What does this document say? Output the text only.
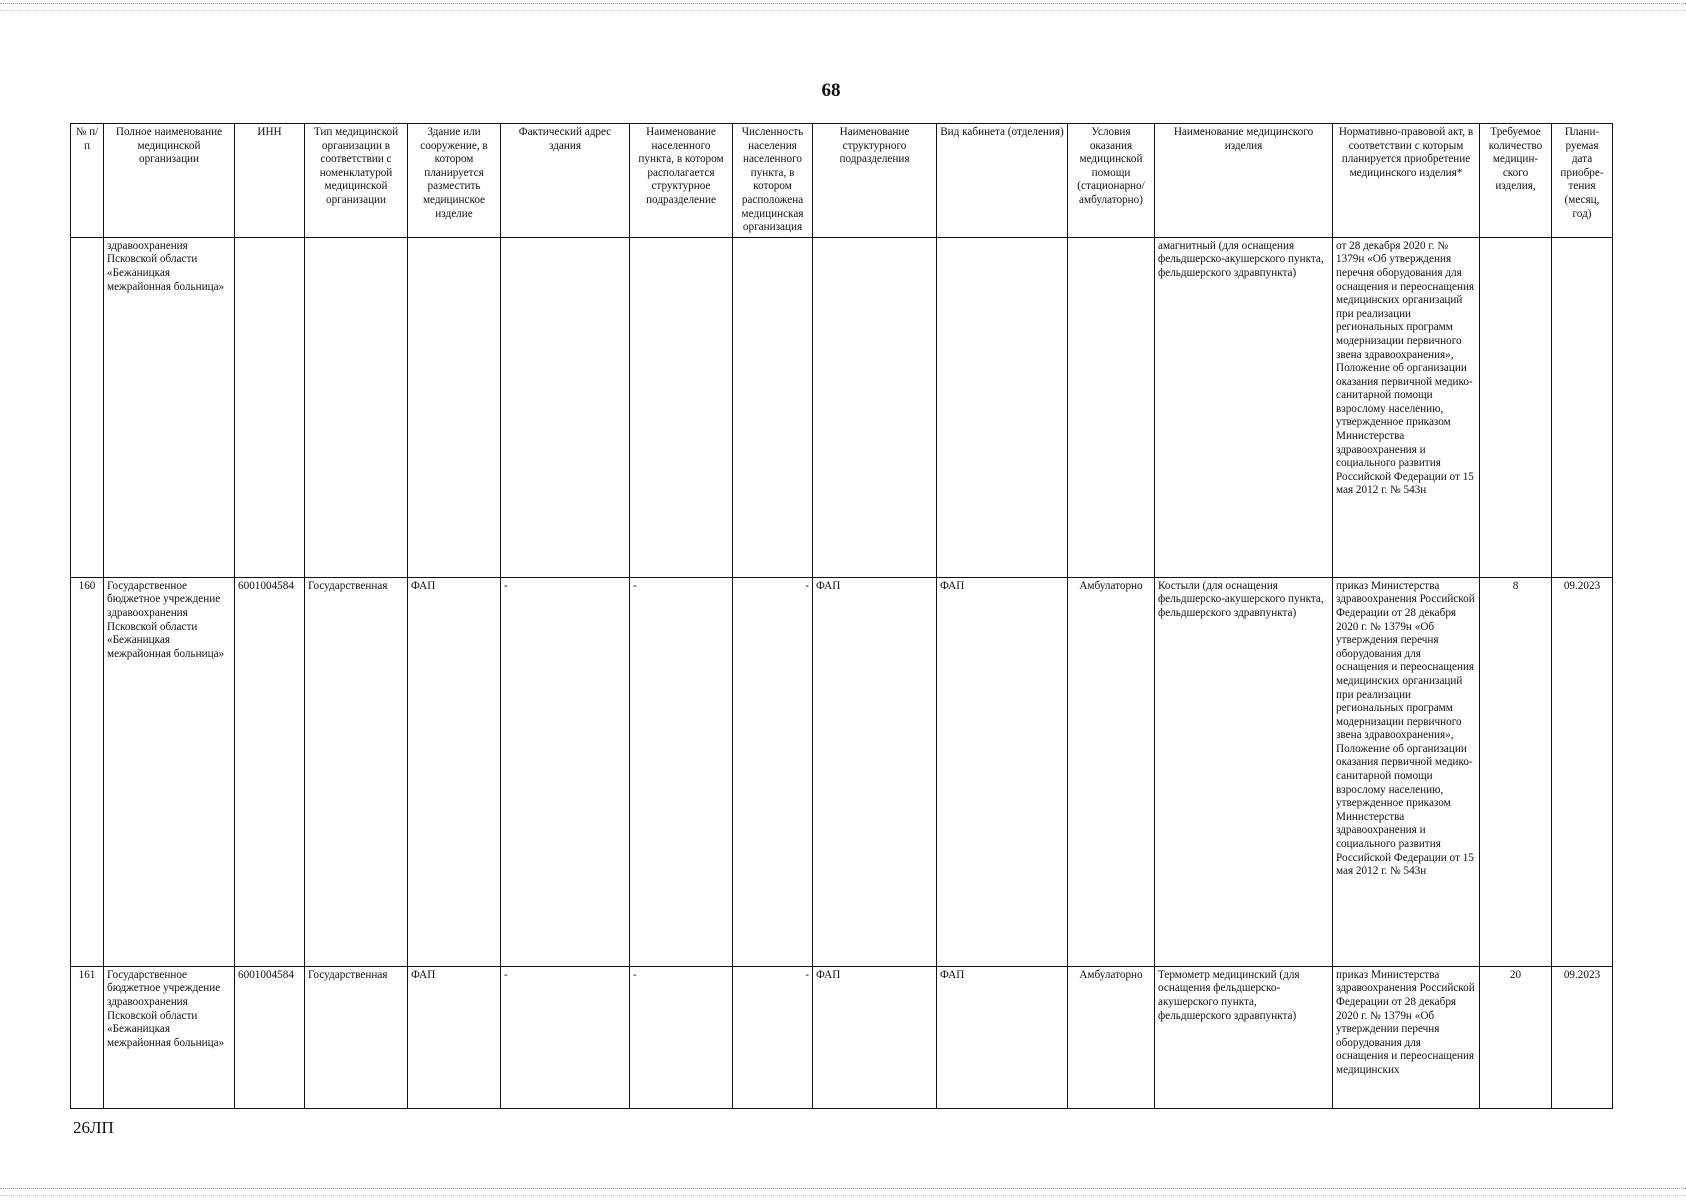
68
№ п/п	Полное наименование медицинской организации	ИНН	Тип медицинской организации в соответствии с номенклатурой медицинской организации	Здание или сооружение, в котором планируется разместить медицинское изделие	Фактический адрес здания	Наименование населенного пункта, в котором располагается структурное подразделение	Численность населения населенного пункта, в котором расположена медицинская организация	Наименование структурного подразделения	Вид кабинета (отделения)	Условия оказания медицинской помощи (стационарно/ амбулаторно)	Наименование медицинского изделия	Нормативно-правовой акт, в соответствии с которым планируется приобретение медицинского изделия*	Требуемое количество медицин-ского изделия,	Плани-руемая дата приобре-тения (месяц, год)
	здравоохранения Псковской области «Бежаницкая межрайонная больница»										амагнитный (для оснащения фельдшерско-акушерского пункта, фельдшерского здравпункта)	от 28 декабря 2020 г. № 1379н «Об утверждения перечня оборудования для оснащения и переоснащения медицинских организаций при реализации региональных программ модернизации первичного звена здравоохранения», Положение об организации оказания первичной медико-санитарной помощи взрослому населению, утвержденное приказом Министерства здравоохранения и социального развития Российской Федерации от 15 мая 2012 г. № 543н		
160	Государственное бюджетное учреждение здравоохранения Псковской области «Бежаницкая межрайонная больница»	6001004584	Государственная	ФАП	-	-	-	ФАП	ФАП	Амбулаторно	Костыли (для оснащения фельдшерско-акушерского пункта, фельдшерского здравпункта)	приказ Министерства здравоохранения Российской Федерации от 28 декабря 2020 г. № 1379н «Об утверждения перечня оборудования для оснащения и переоснащения медицинских организаций при реализации региональных программ модернизации первичного звена здравоохранения», Положение об организации оказания первичной медико-санитарной помощи взрослому населению, утвержденное приказом Министерства здравоохранения и социального развития Российской Федерации от 15 мая 2012 г. № 543н	8	09.2023
161	Государственное бюджетное учреждение здравоохранения Псковской области «Бежаницкая межрайонная больница»	6001004584	Государственная	ФАП	-	-	-	ФАП	ФАП	Амбулаторно	Термометр медицинский (для оснащения фельдшерско-акушерского пункта, фельдшерского здравпункта)	приказ Министерства здравоохранения Российской Федерации от 28 декабря 2020 г. № 1379н «Об утверждении перечня оборудования для оснащения и переоснащения медицинских	20	09.2023
26ЛП
